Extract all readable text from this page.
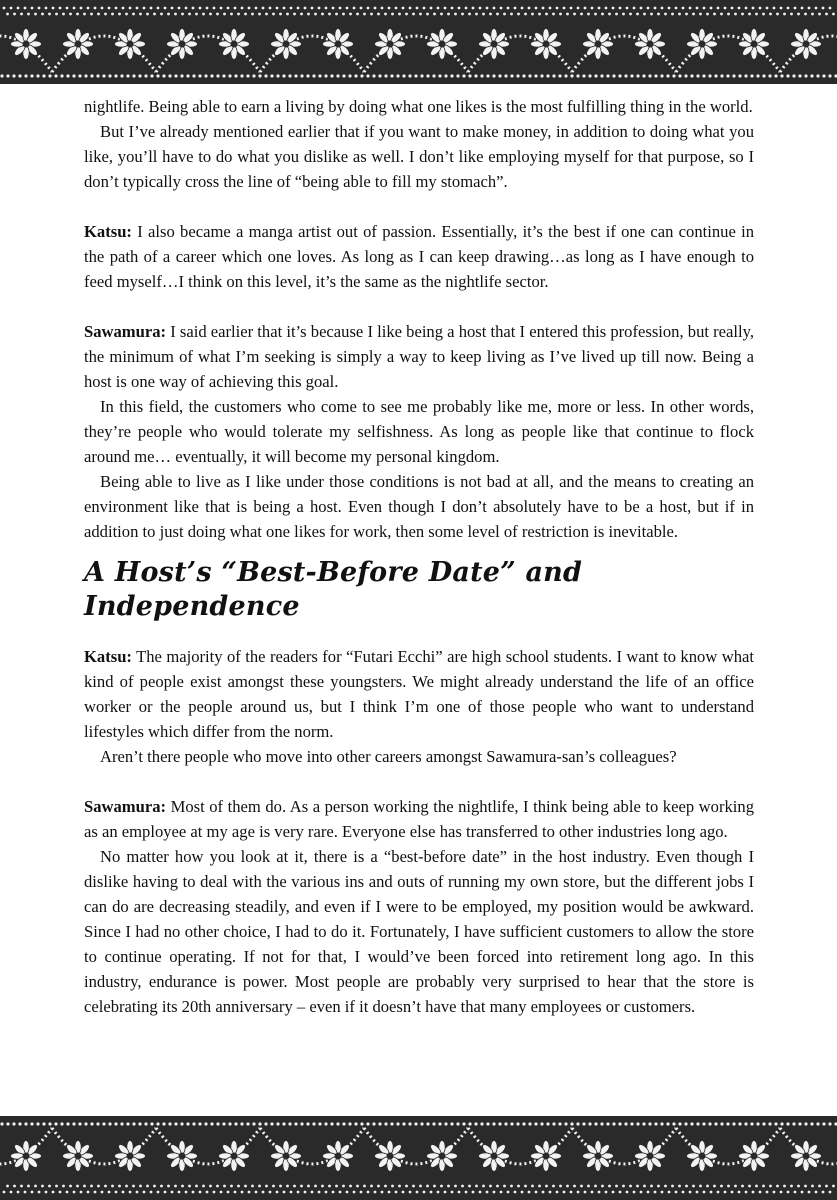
nightlife. Being able to earn a living by doing what one likes is the most fulfilling thing in the world.

But I’ve already mentioned earlier that if you want to make money, in addition to doing what you like, you’ll have to do what you dislike as well. I don’t like employing myself for that purpose, so I don’t typically cross the line of “being able to fill my stomach”.

Katsu: I also became a manga artist out of passion. Essentially, it’s the best if one can continue in the path of a career which one loves. As long as I can keep drawing…as long as I have enough to feed myself…I think on this level, it’s the same as the nightlife sector.

Sawamura: I said earlier that it’s because I like being a host that I entered this profession, but really, the minimum of what I’m seeking is simply a way to keep living as I’ve lived up till now. Being a host is one way of achieving this goal.

In this field, the customers who come to see me probably like me, more or less. In other words, they’re people who would tolerate my selfishness. As long as people like that continue to flock around me… eventually, it will become my personal kingdom.

Being able to live as I like under those conditions is not bad at all, and the means to creating an environment like that is being a host. Even though I don’t absolutely have to be a host, but if in addition to just doing what one likes for work, then some level of restriction is inevitable.

A Host’s “Best-Before Date” and Independence

Katsu: The majority of the readers for “Futari Ecchi” are high school students. I want to know what kind of people exist amongst these youngsters. We might already understand the life of an office worker or the people around us, but I think I’m one of those people who want to understand lifestyles which differ from the norm.

Aren’t there people who move into other careers amongst Sawamura-san’s colleagues?

Sawamura: Most of them do. As a person working the nightlife, I think being able to keep working as an employee at my age is very rare. Everyone else has transferred to other industries long ago.

No matter how you look at it, there is a “best-before date” in the host industry. Even though I dislike having to deal with the various ins and outs of running my own store, but the different jobs I can do are decreasing steadily, and even if I were to be employed, my position would be awkward. Since I had no other choice, I had to do it. Fortunately, I have sufficient customers to allow the store to continue operating. If not for that, I would’ve been forced into retirement long ago. In this industry, endurance is power. Most people are probably very surprised to hear that the store is celebrating its 20th anniversary – even if it doesn’t have that many employees or customers.
